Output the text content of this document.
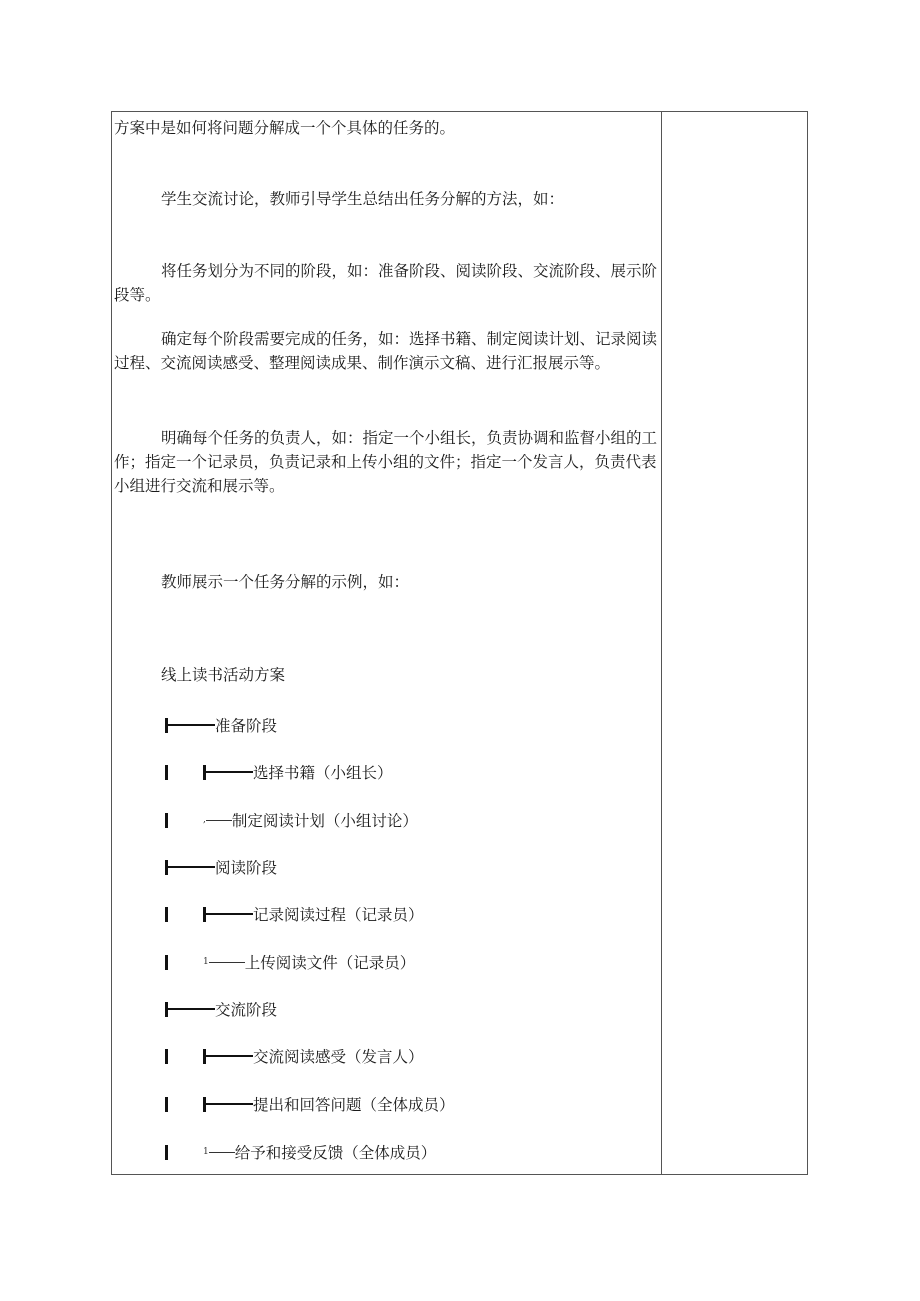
方案中是如何将问题分解成一个个具体的任务的。
学生交流讨论，教师引导学生总结出任务分解的方法，如：
将任务划分为不同的阶段，如：准备阶段、阅读阶段、交流阶段、展示阶段等。
确定每个阶段需要完成的任务，如：选择书籍、制定阅读计划、记录阅读过程、交流阅读感受、整理阅读成果、制作演示文稿、进行汇报展示等。
明确每个任务的负责人，如：指定一个小组长，负责协调和监督小组的工作；指定一个记录员，负责记录和上传小组的文件；指定一个发言人，负责代表小组进行交流和展示等。
教师展示一个任务分解的示例，如：
线上读书活动方案
准备阶段
选择书籍（小组长）
, 制定阅读计划（小组讨论）
阅读阶段
记录阅读过程（记录员）
$^1$ 上传阅读文件（记录员）
交流阶段
交流阅读感受（发言人）
提出和回答问题（全体成员）
$^1$ 给予和接受反馈（全体成员）
